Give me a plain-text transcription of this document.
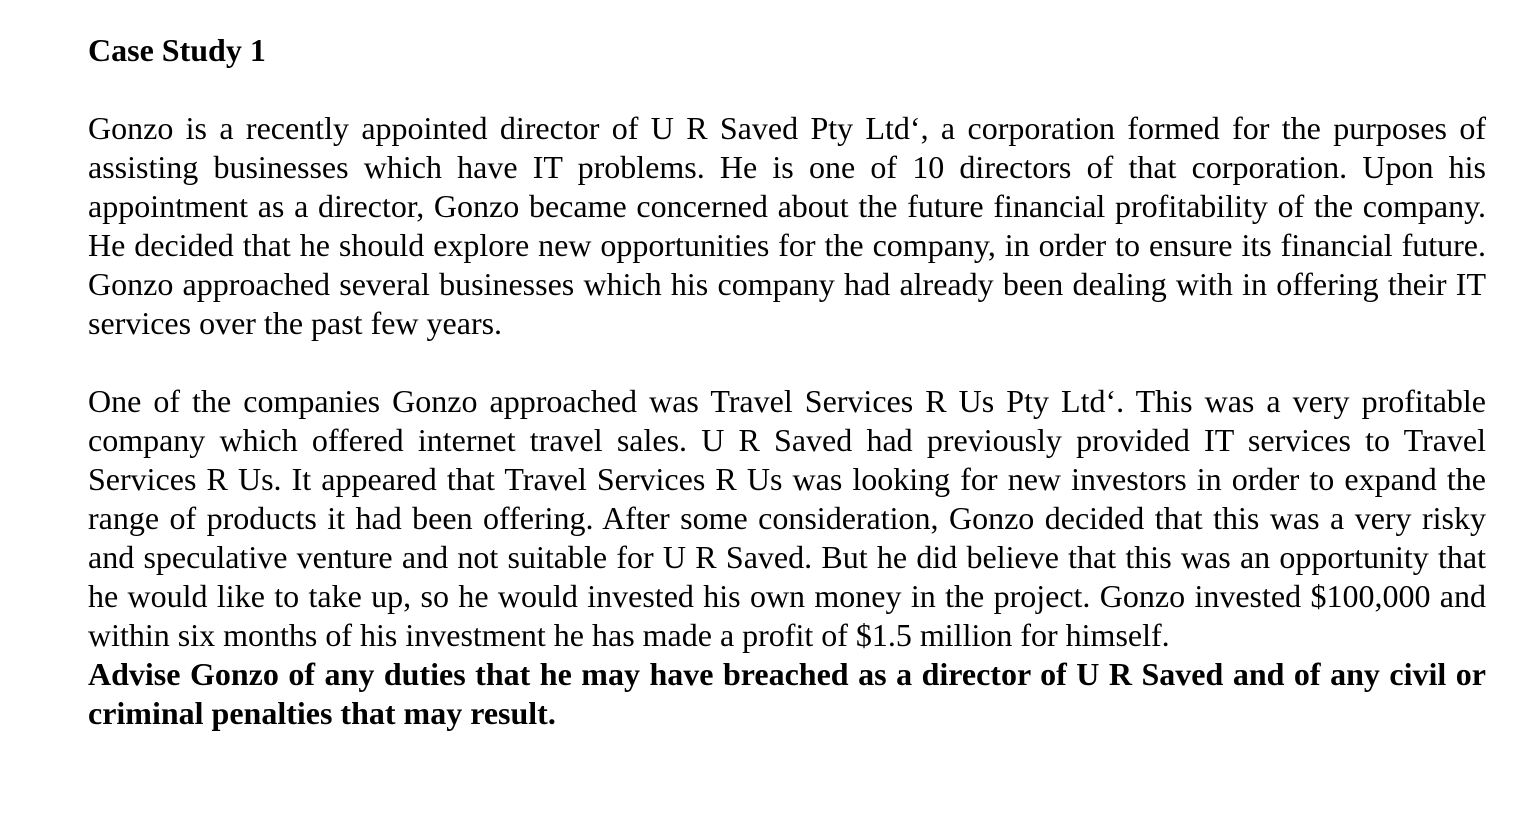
Case Study 1

Gonzo is a recently appointed director of U R Saved Pty Ltd‘, a corporation formed for the purposes of assisting businesses which have IT problems. He is one of 10 directors of that corporation. Upon his appointment as a director, Gonzo became concerned about the future financial profitability of the company. He decided that he should explore new opportunities for the company, in order to ensure its financial future. Gonzo approached several businesses which his company had already been dealing with in offering their IT services over the past few years.

One of the companies Gonzo approached was Travel Services R Us Pty Ltd‘. This was a very profitable company which offered internet travel sales. U R Saved had previously provided IT services to Travel Services R Us. It appeared that Travel Services R Us was looking for new investors in order to expand the range of products it had been offering. After some consideration, Gonzo decided that this was a very risky and speculative venture and not suitable for U R Saved. But he did believe that this was an opportunity that he would like to take up, so he would invested his own money in the project. Gonzo invested $100,000 and within six months of his investment he has made a profit of $1.5 million for himself.

Advise Gonzo of any duties that he may have breached as a director of U R Saved and of any civil or criminal penalties that may result.
